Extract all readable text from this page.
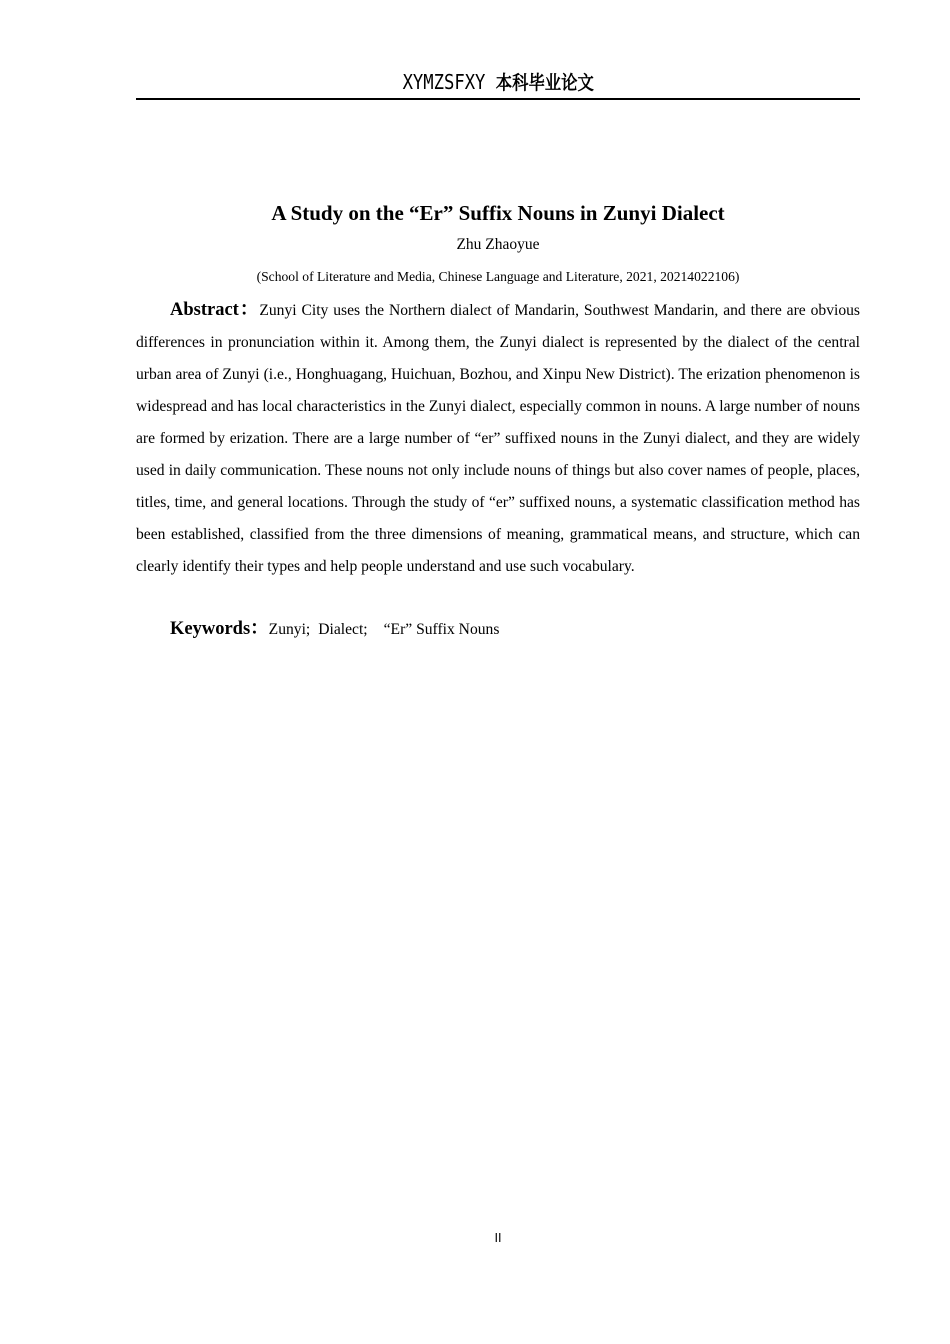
XYMZSFXY 本科毕业论文
A Study on the “Er” Suffix Nouns in Zunyi Dialect
Zhu Zhaoyue
(School of Literature and Media, Chinese Language and Literature, 2021, 20214022106)

Abstract：Zunyi City uses the Northern dialect of Mandarin, Southwest Mandarin, and there are obvious differences in pronunciation within it. Among them, the Zunyi dialect is represented by the dialect of the central urban area of Zunyi (i.e., Honghuagang, Huichuan, Bozhou, and Xinpu New District). The erization phenomenon is widespread and has local characteristics in the Zunyi dialect, especially common in nouns. A large number of nouns are formed by erization. There are a large number of “er” suffixed nouns in the Zunyi dialect, and they are widely used in daily communication. These nouns not only include nouns of things but also cover names of people, places, titles, time, and general locations. Through the study of “er” suffixed nouns, a systematic classification method has been established, classified from the three dimensions of meaning, grammatical means, and structure, which can clearly identify their types and help people understand and use such vocabulary.

Keywords：Zunyi; Dialect; “Er” Suffix Nouns

II
